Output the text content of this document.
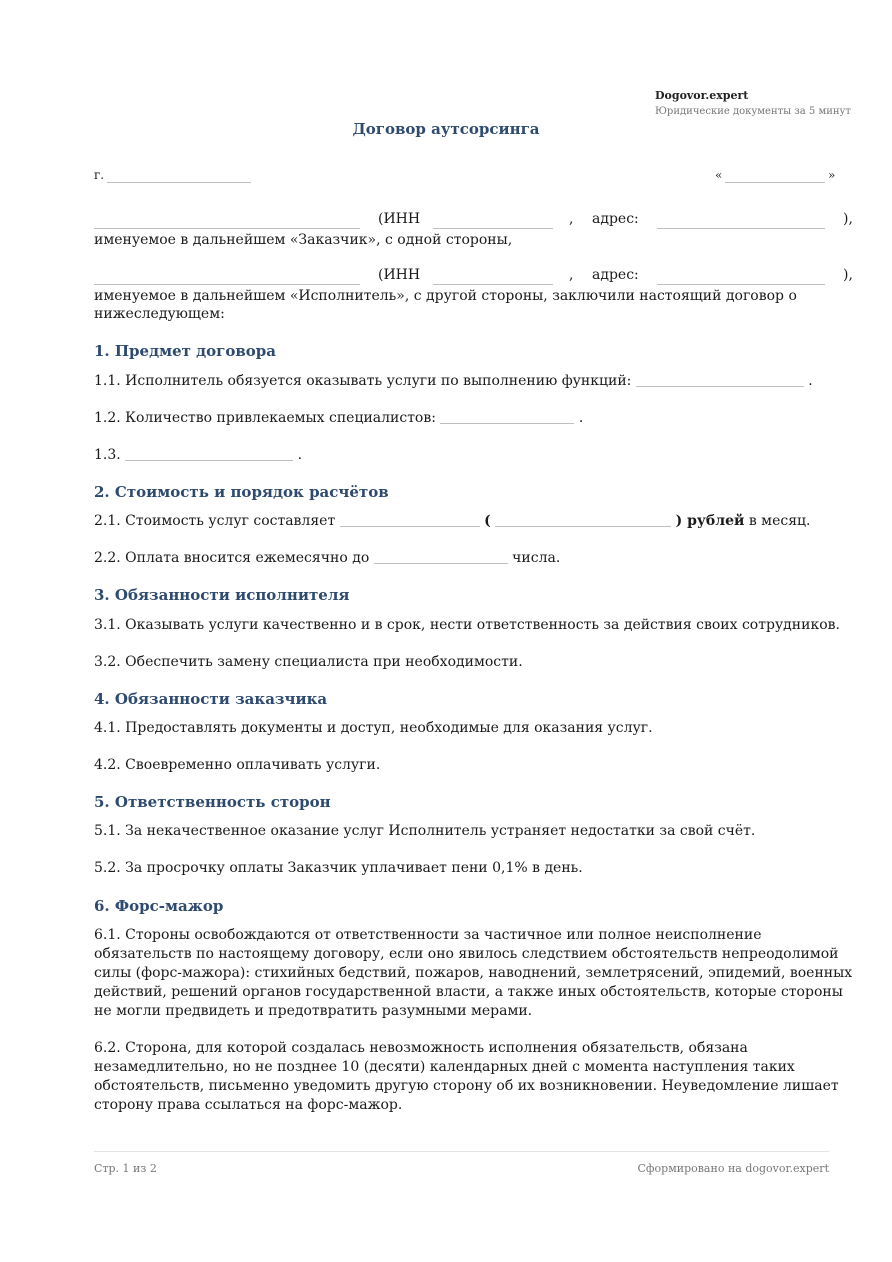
Dogovor.expert
Юридические документы за 5 минут
Договор аутсорсинга
г.	«	»
(ИНН	, адрес:	),
именуемое в дальнейшем «Заказчик», с одной стороны,
(ИНН	, адрес:	),
именуемое в дальнейшем «Исполнитель», с другой стороны, заключили настоящий договор о нижеследующем:
1. Предмет договора
1.1. Исполнитель обязуется оказывать услуги по выполнению функций:	.
1.2. Количество привлекаемых специалистов:	.
1.3.	.
2. Стоимость и порядок расчётов
2.1. Стоимость услуг составляет	(	) рублей в месяц.
2.2. Оплата вносится ежемесячно до	числа.
3. Обязанности исполнителя
3.1. Оказывать услуги качественно и в срок, нести ответственность за действия своих сотрудников.
3.2. Обеспечить замену специалиста при необходимости.
4. Обязанности заказчика
4.1. Предоставлять документы и доступ, необходимые для оказания услуг.
4.2. Своевременно оплачивать услуги.
5. Ответственность сторон
5.1. За некачественное оказание услуг Исполнитель устраняет недостатки за свой счёт.
5.2. За просрочку оплаты Заказчик уплачивает пени 0,1% в день.
6. Форс-мажор
6.1. Стороны освобождаются от ответственности за частичное или полное неисполнение обязательств по настоящему договору, если оно явилось следствием обстоятельств непреодолимой силы (форс-мажора): стихийных бедствий, пожаров, наводнений, землетрясений, эпидемий, военных действий, решений органов государственной власти, а также иных обстоятельств, которые стороны не могли предвидеть и предотвратить разумными мерами.
6.2. Сторона, для которой создалась невозможность исполнения обязательств, обязана незамедлительно, но не позднее 10 (десяти) календарных дней с момента наступления таких обстоятельств, письменно уведомить другую сторону об их возникновении. Неуведомление лишает сторону права ссылаться на форс-мажор.
Стр. 1 из 2	Сформировано на dogovor.expert
